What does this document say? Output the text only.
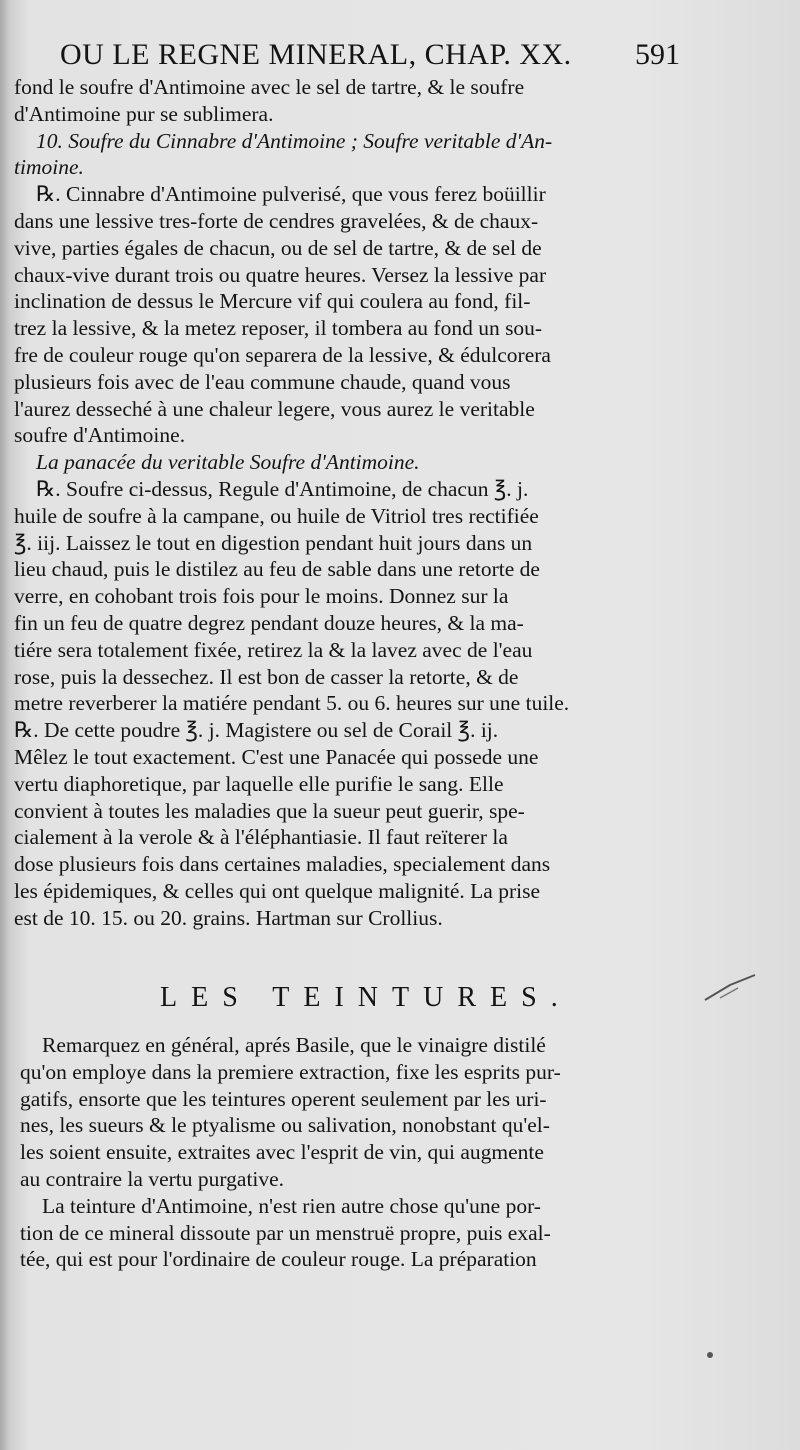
OU LE REGNE MINERAL, CHAP. XX. 591
fond le soufre d'Antimoine avec le sel de tartre, & le soufre
d'Antimoine pur se sublimera.
10. Soufre du Cinnabre d'Antimoine ; Soufre veritable d'An-
timoine.
℞. Cinnabre d'Antimoine pulverisé, que vous ferez boüillir
dans une lessive tres-forte de cendres gravelées, & de chaux-
vive, parties égales de chacun, ou de sel de tartre, & de sel de
chaux-vive durant trois ou quatre heures. Versez la lessive par
inclination de dessus le Mercure vif qui coulera au fond, fil-
trez la lessive, & la metez reposer, il tombera au fond un sou-
fre de couleur rouge qu'on separera de la lessive, & édulcorera
plusieurs fois avec de l'eau commune chaude, quand vous
l'aurez desseché à une chaleur legere, vous aurez le veritable
soufre d'Antimoine.
La panacée du veritable Soufre d'Antimoine.
℞. Soufre ci-dessus, Regule d'Antimoine, de chacun ℥. j.
huile de soufre à la campane, ou huile de Vitriol tres rectifiée
℥. iij. Laissez le tout en digestion pendant huit jours dans un
lieu chaud, puis le distilez au feu de sable dans une retorte de
verre, en cohobant trois fois pour le moins. Donnez sur la
fin un feu de quatre degrez pendant douze heures, & la ma-
tiére sera totalement fixée, retirez la & la lavez avec de l'eau
rose, puis la dessechez. Il est bon de casser la retorte, & de
metre reverberer la matiére pendant 5. ou 6. heures sur une tuile.
℞. De cette poudre ℥. j. Magistere ou sel de Corail ℥. ij.
Mêlez le tout exactement. C'est une Panacée qui possede une
vertu diaphoretique, par laquelle elle purifie le sang. Elle
convient à toutes les maladies que la sueur peut guerir, spe-
cialement à la verole & à l'éléphantiasie. Il faut reïterer la
dose plusieurs fois dans certaines maladies, specialement dans
les épidemiques, & celles qui ont quelque malignité. La prise
est de 10. 15. ou 20. grains. Hartman sur Crollius.
LES TEINTURES.
Remarquez en général, aprés Basile, que le vinaigre distilé
qu'on employe dans la premiere extraction, fixe les esprits pur-
gatifs, ensorte que les teintures operent seulement par les uri-
nes, les sueurs & le ptyalisme ou salivation, nonobstant qu'el-
les soient ensuite, extraites avec l'esprit de vin, qui augmente
au contraire la vertu purgative.
La teinture d'Antimoine, n'est rien autre chose qu'une por-
tion de ce mineral dissoute par un menstruë propre, puis exal-
tée, qui est pour l'ordinaire de couleur rouge. La préparation
